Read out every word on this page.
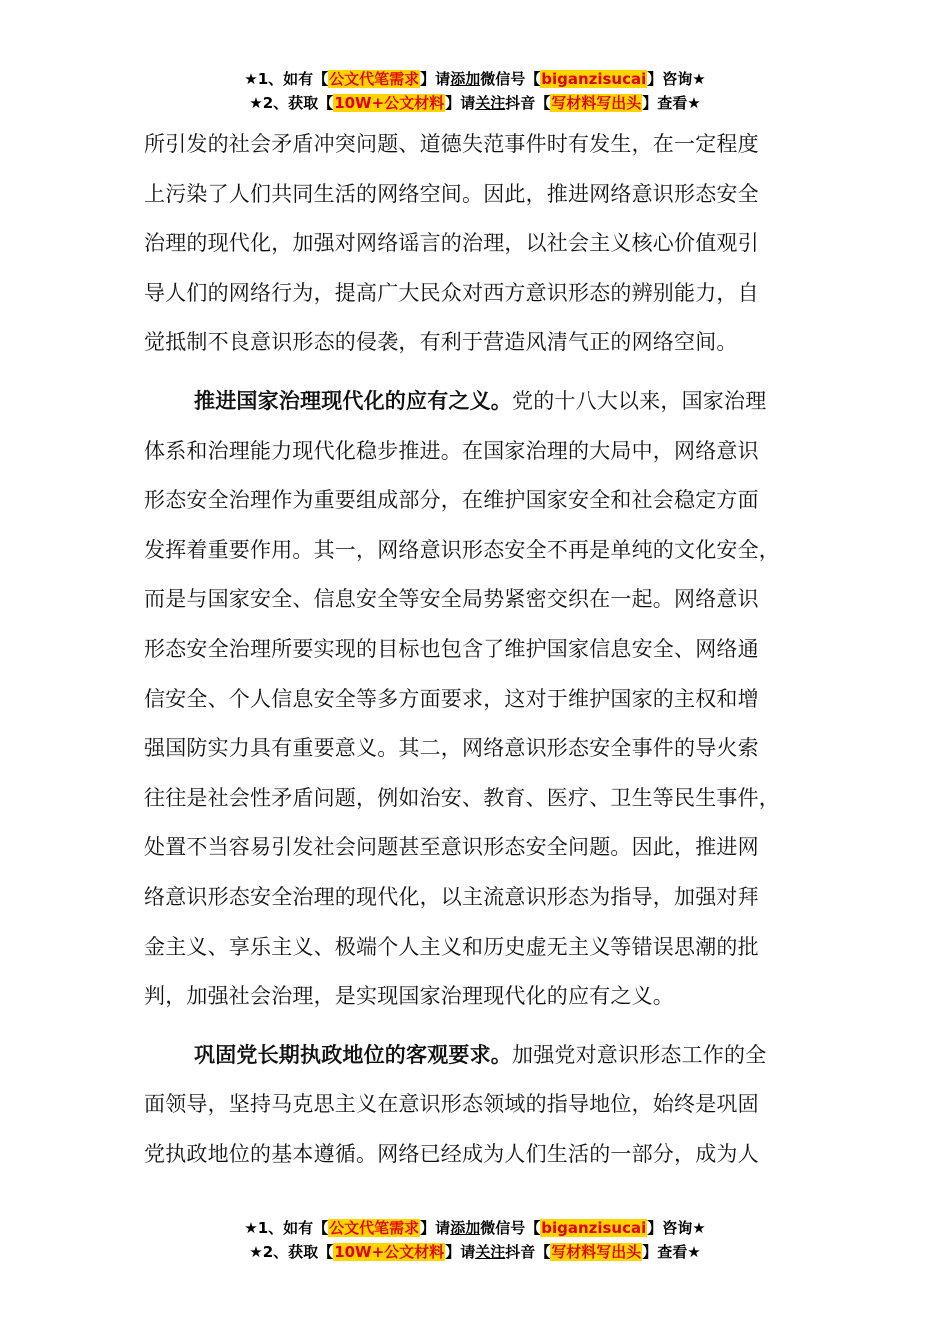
★1、如有【公文代笔需求】请添加微信号【biganzisucai】咨询★
★2、获取【10W+公文材料】请关注抖音【写材料写出头】查看★

所引发的社会矛盾冲突问题、道德失范事件时有发生，在一定程度
上污染了人们共同生活的网络空间。因此，推进网络意识形态安全
治理的现代化，加强对网络谣言的治理，以社会主义核心价值观引
导人们的网络行为，提高广大民众对西方意识形态的辨别能力，自
觉抵制不良意识形态的侵袭，有利于营造风清气正的网络空间。

推进国家治理现代化的应有之义。党的十八大以来，国家治理
体系和治理能力现代化稳步推进。在国家治理的大局中，网络意识
形态安全治理作为重要组成部分，在维护国家安全和社会稳定方面
发挥着重要作用。其一，网络意识形态安全不再是单纯的文化安全，
而是与国家安全、信息安全等安全局势紧密交织在一起。网络意识
形态安全治理所要实现的目标也包含了维护国家信息安全、网络通
信安全、个人信息安全等多方面要求，这对于维护国家的主权和增
强国防实力具有重要意义。其二，网络意识形态安全事件的导火索
往往是社会性矛盾问题，例如治安、教育、医疗、卫生等民生事件，
处置不当容易引发社会问题甚至意识形态安全问题。因此，推进网
络意识形态安全治理的现代化，以主流意识形态为指导，加强对拜
金主义、享乐主义、极端个人主义和历史虚无主义等错误思潮的批
判，加强社会治理，是实现国家治理现代化的应有之义。

巩固党长期执政地位的客观要求。加强党对意识形态工作的全
面领导，坚持马克思主义在意识形态领域的指导地位，始终是巩固
党执政地位的基本遵循。网络已经成为人们生活的一部分，成为人

★1、如有【公文代笔需求】请添加微信号【biganzisucai】咨询★
★2、获取【10W+公文材料】请关注抖音【写材料写出头】查看★
